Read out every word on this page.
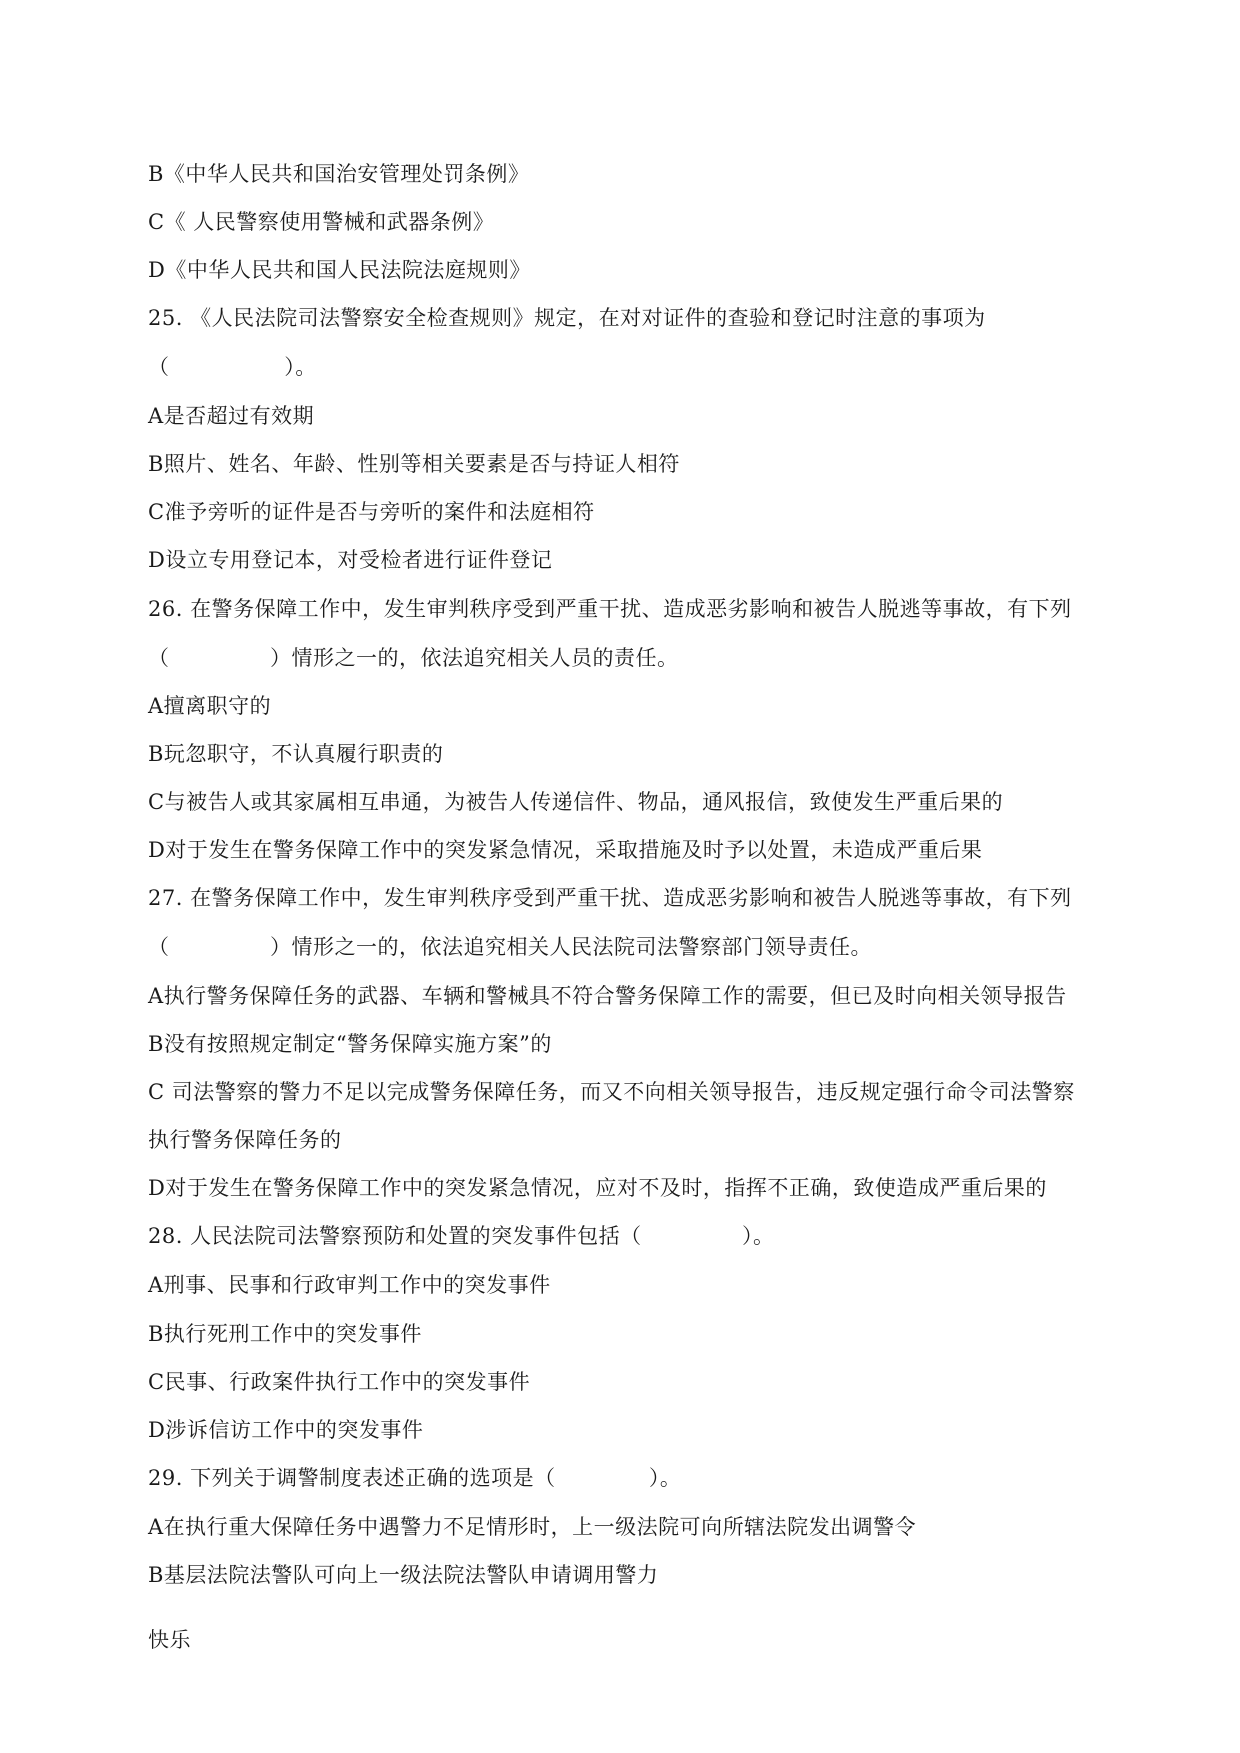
B《中华人民共和国治安管理处罚条例》
C《 人民警察使用警械和武器条例》
D《中华人民共和国人民法院法庭规则》
25. 《人民法院司法警察安全检查规则》规定，在对对证件的查验和登记时注意的事项为
（                ）。
A是否超过有效期
B照片、姓名、年龄、性别等相关要素是否与持证人相符
C准予旁听的证件是否与旁听的案件和法庭相符
D设立专用登记本，对受检者进行证件登记
26. 在警务保障工作中，发生审判秩序受到严重干扰、造成恶劣影响和被告人脱逃等事故，有下列
（              ）情形之一的，依法追究相关人员的责任。
A擅离职守的
B玩忽职守，不认真履行职责的
C与被告人或其家属相互串通，为被告人传递信件、物品，通风报信，致使发生严重后果的
D对于发生在警务保障工作中的突发紧急情况，采取措施及时予以处置，未造成严重后果
27. 在警务保障工作中，发生审判秩序受到严重干扰、造成恶劣影响和被告人脱逃等事故，有下列
（              ）情形之一的，依法追究相关人民法院司法警察部门领导责任。
A执行警务保障任务的武器、车辆和警械具不符合警务保障工作的需要，但已及时向相关领导报告
B没有按照规定制定“警务保障实施方案”的
C 司法警察的警力不足以完成警务保障任务，而又不向相关领导报告，违反规定强行命令司法警察
执行警务保障任务的
D对于发生在警务保障工作中的突发紧急情况，应对不及时，指挥不正确，致使造成严重后果的
28. 人民法院司法警察预防和处置的突发事件包括（              ）。
A刑事、民事和行政审判工作中的突发事件
B执行死刑工作中的突发事件
C民事、行政案件执行工作中的突发事件
D涉诉信访工作中的突发事件
29. 下列关于调警制度表述正确的选项是（             ）。
A在执行重大保障任务中遇警力不足情形时，上一级法院可向所辖法院发出调警令
B基层法院法警队可向上一级法院法警队申请调用警力
快乐
